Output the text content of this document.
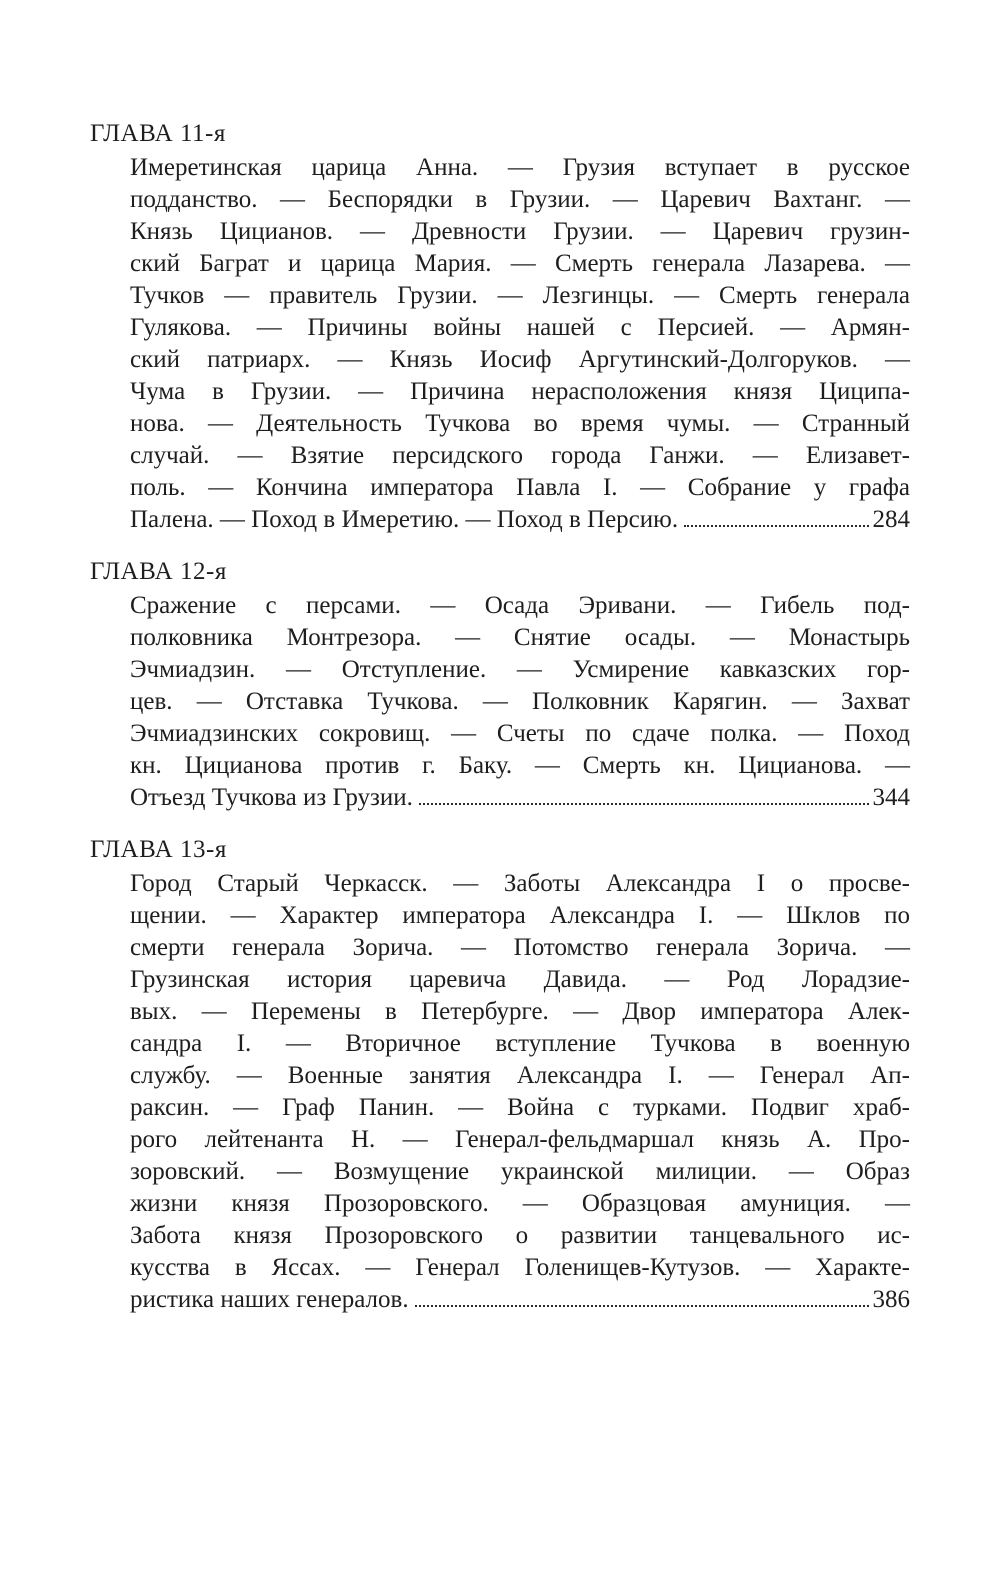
ГЛАВА 11-я
Имеретинская царица Анна. — Грузия вступает в русское
подданство. — Беспорядки в Грузии. — Царевич Вахтанг. —
Князь Цицианов. — Древности Грузии. — Царевич грузин-
ский Баграт и царица Мария. — Смерть генерала Лазарева. —
Тучков — правитель Грузии. — Лезгинцы. — Смерть генерала
Гулякова. — Причины войны нашей с Персией. — Армян-
ский патриарх. — Князь Иосиф Аргутинский-Долгоруков. —
Чума в Грузии. — Причина нерасположения князя Циципа-
нова. — Деятельность Тучкова во время чумы. — Странный
случай. — Взятие персидского города Ганжи. — Елизавет-
поль. — Кончина императора Павла I. — Собрание у графа
Палена. — Поход в Имеретию. — Поход в Персию.	284
ГЛАВА 12-я
Сражение с персами. — Осада Эривани. — Гибель под-
полковника Монтрезора. — Снятие осады. — Монастырь
Эчмиадзин. — Отступление. — Усмирение кавказских гор-
цев. — Отставка Тучкова. — Полковник Карягин. — Захват
Эчмиадзинских сокровищ. — Счеты по сдаче полка. — Поход
кн. Цицианова против г. Баку. — Смерть кн. Цицианова. —
Отъезд Тучкова из Грузии.	344
ГЛАВА 13-я
Город Старый Черкасск. — Заботы Александра I о просве-
щении. — Характер императора Александра I. — Шклов по
смерти генерала Зорича. — Потомство генерала Зорича. —
Грузинская история царевича Давида. — Род Лорадзие-
вых. — Перемены в Петербурге. — Двор императора Алек-
сандра I. — Вторичное вступление Тучкова в военную
службу. — Военные занятия Александра I. — Генерал Ап-
раксин. — Граф Панин. — Война с турками. Подвиг храб-
рого лейтенанта Н. — Генерал-фельдмаршал князь А. Про-
зоровский. — Возмущение украинской милиции. — Образ
жизни князя Прозоровского. — Образцовая амуниция. —
Забота князя Прозоровского о развитии танцевального ис-
кусства в Яссах. — Генерал Голенищев-Кутузов. — Характе-
ристика наших генералов.	386
